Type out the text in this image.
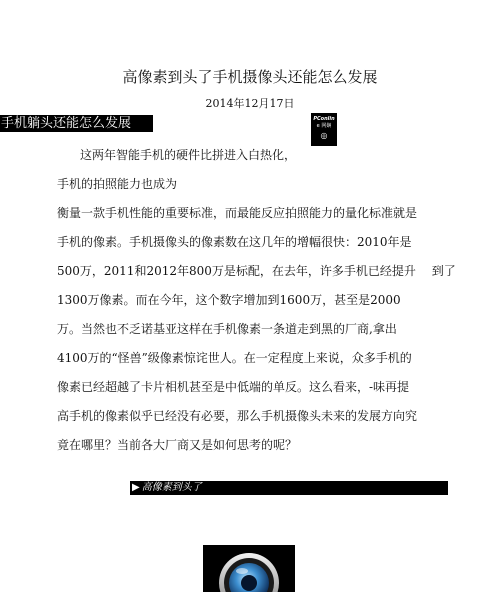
高像素到头了手机摄像头还能怎么发展
2014年12月17日
手机躺头还能怎么发展	PConlin
e 网娴
◎
这两年智能手机的硬件比拼进入白热化，
手机的拍照能力也成为
衡量一款手机性能的重要标准，而最能反应拍照能力的量化标准就是
手机的像素。手机摄像头的像素数在这几年的增幅很快：2010年是
500万，2011和2012年800万是标配，在去年，许多手机已经提升　 到了
1300万像素。而在今年，这个数字增加到1600万，甚至是2000
万。当然也不乏诺基亚这样在手机像素一条道走到黑的厂商,拿出
4100万的“怪兽”级像素惊诧世人。在一定程度上来说，众多手机的
像素已经超越了卡片相机甚至是中低端的单反。这么看来，-味再提
高手机的像素似乎已经没有必要，那么手机摄像头未来的发展方向究
竟在哪里？当前各大厂商又是如何思考的呢？
▶ 高像素到头了
